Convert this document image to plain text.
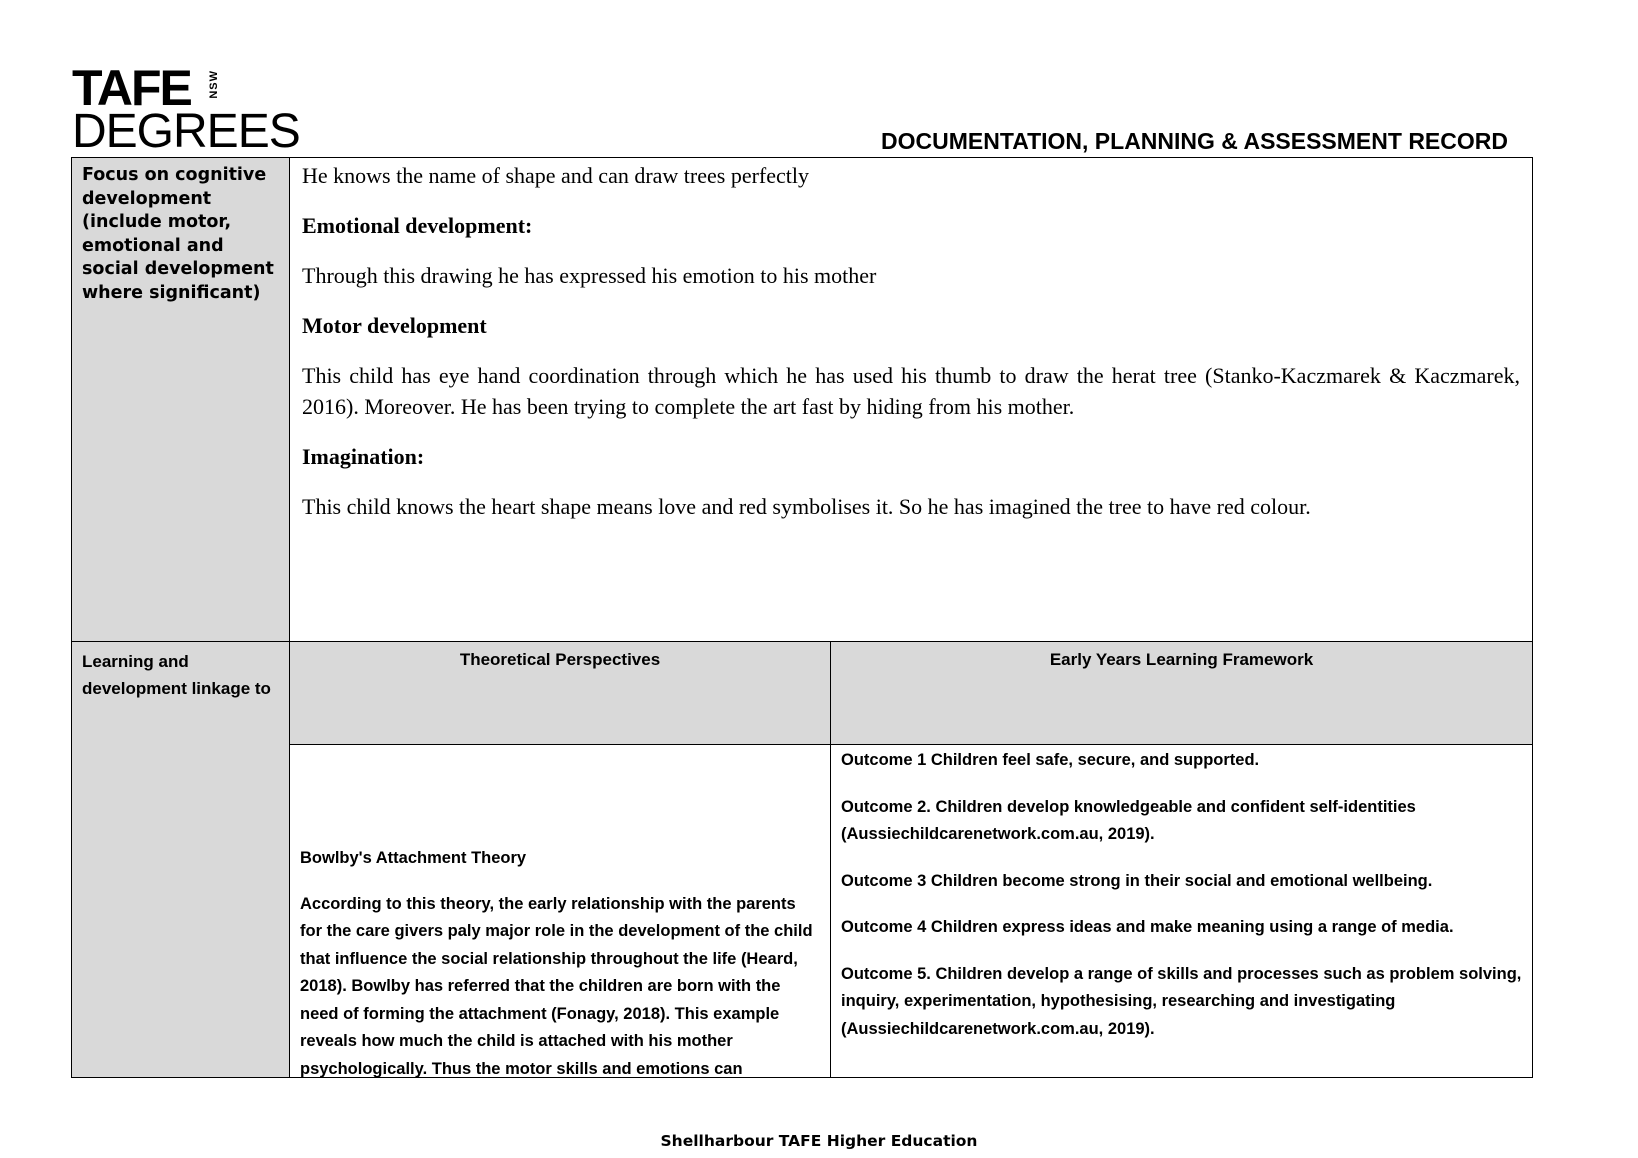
TAFE NSW
DEGREES	DOCUMENTATION, PLANNING & ASSESSMENT RECORD
Focus on cognitive development (include motor, emotional and social development where significant)

He knows the name of shape and can draw trees perfectly

Emotional development:

Through this drawing he has expressed his emotion to his mother

Motor development

This child has eye hand coordination through which he has used his thumb to draw the herat tree (Stanko-Kaczmarek & Kaczmarek, 2016). Moreover. He has been trying to complete the art fast by hiding from his mother.

Imagination:

This child knows the heart shape means love and red symbolises it. So he has imagined the tree to have red colour.

Learning and development linkage to
Theoretical Perspectives	Early Years Learning Framework

Bowlby's Attachment Theory

According to this theory, the early relationship with the parents for the care givers paly major role in the development of the child that influence the social relationship throughout the life (Heard, 2018). Bowlby has referred that the children are born with the need of forming the attachment (Fonagy, 2018). This example reveals how much the child is attached with his mother psychologically. Thus the motor skills and emotions can

Outcome 1 Children feel safe, secure, and supported.

Outcome 2. Children develop knowledgeable and confident self-identities (Aussiechildcarenetwork.com.au, 2019).

Outcome 3 Children become strong in their social and emotional wellbeing.

Outcome 4 Children express ideas and make meaning using a range of media.

Outcome 5. Children develop a range of skills and processes such as problem solving, inquiry, experimentation, hypothesising, researching and investigating (Aussiechildcarenetwork.com.au, 2019).

Shellharbour TAFE Higher Education
